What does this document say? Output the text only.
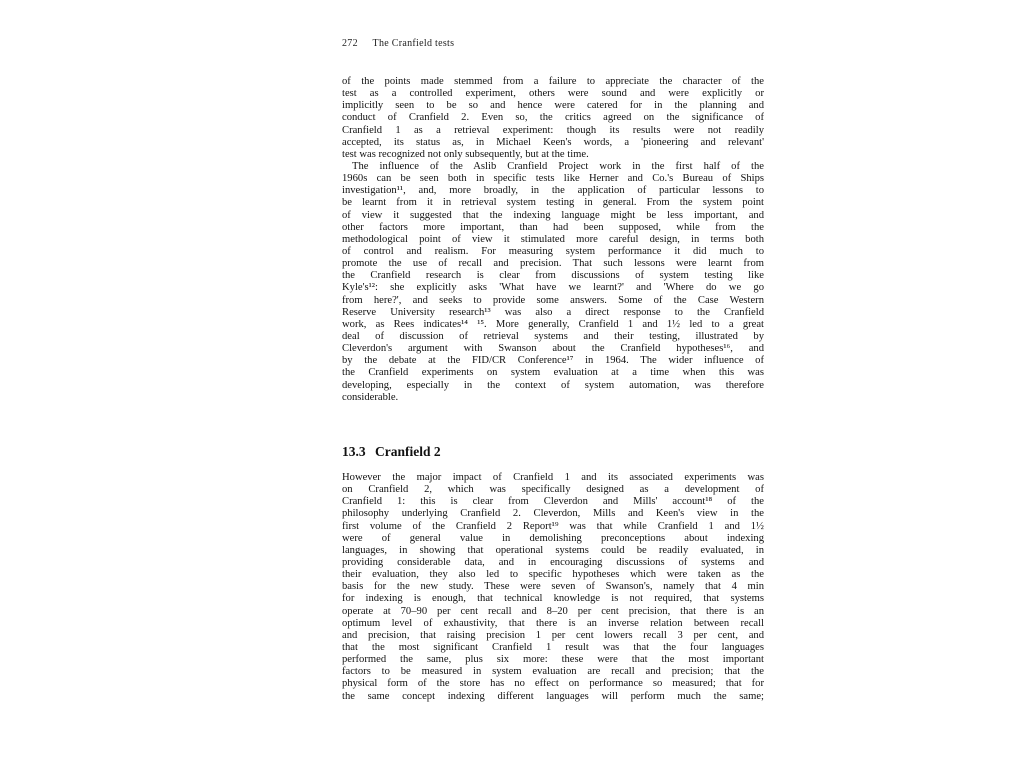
272 The Cranfield tests
of the points made stemmed from a failure to appreciate the character of the
test as a controlled experiment, others were sound and were explicitly or
implicitly seen to be so and hence were catered for in the planning and
conduct of Cranfield 2. Even so, the critics agreed on the significance of
Cranfield 1 as a retrieval experiment: though its results were not readily
accepted, its status as, in Michael Keen's words, a 'pioneering and relevant'
test was recognized not only subsequently, but at the time.
The influence of the Aslib Cranfield Project work in the first half of the
1960s can be seen both in specific tests like Herner and Co.'s Bureau of Ships
investigation¹¹, and, more broadly, in the application of particular lessons to
be learnt from it in retrieval system testing in general. From the system point
of view it suggested that the indexing language might be less important, and
other factors more important, than had been supposed, while from the
methodological point of view it stimulated more careful design, in terms both
of control and realism. For measuring system performance it did much to
promote the use of recall and precision. That such lessons were learnt from
the Cranfield research is clear from discussions of system testing like
Kyle's¹²: she explicitly asks 'What have we learnt?' and 'Where do we go
from here?', and seeks to provide some answers. Some of the Case Western
Reserve University research¹³ was also a direct response to the Cranfield
work, as Rees indicates¹⁴ ¹⁵. More generally, Cranfield 1 and 1½ led to a great
deal of discussion of retrieval systems and their testing, illustrated by
Cleverdon's argument with Swanson about the Cranfield hypotheses¹⁶, and
by the debate at the FID/CR Conference¹⁷ in 1964. The wider influence of
the Cranfield experiments on system evaluation at a time when this was
developing, especially in the context of system automation, was therefore
considerable.
13.3 Cranfield 2
However the major impact of Cranfield 1 and its associated experiments was
on Cranfield 2, which was specifically designed as a development of
Cranfield 1: this is clear from Cleverdon and Mills' account¹⁸ of the
philosophy underlying Cranfield 2. Cleverdon, Mills and Keen's view in the
first volume of the Cranfield 2 Report¹⁹ was that while Cranfield 1 and 1½
were of general value in demolishing preconceptions about indexing
languages, in showing that operational systems could be readily evaluated, in
providing considerable data, and in encouraging discussions of systems and
their evaluation, they also led to specific hypotheses which were taken as the
basis for the new study. These were seven of Swanson's, namely that 4 min
for indexing is enough, that technical knowledge is not required, that systems
operate at 70–90 per cent recall and 8–20 per cent precision, that there is an
optimum level of exhaustivity, that there is an inverse relation between recall
and precision, that raising precision 1 per cent lowers recall 3 per cent, and
that the most significant Cranfield 1 result was that the four languages
performed the same, plus six more: these were that the most important
factors to be measured in system evaluation are recall and precision; that the
physical form of the store has no effect on performance so measured; that for
the same concept indexing different languages will perform much the same;
